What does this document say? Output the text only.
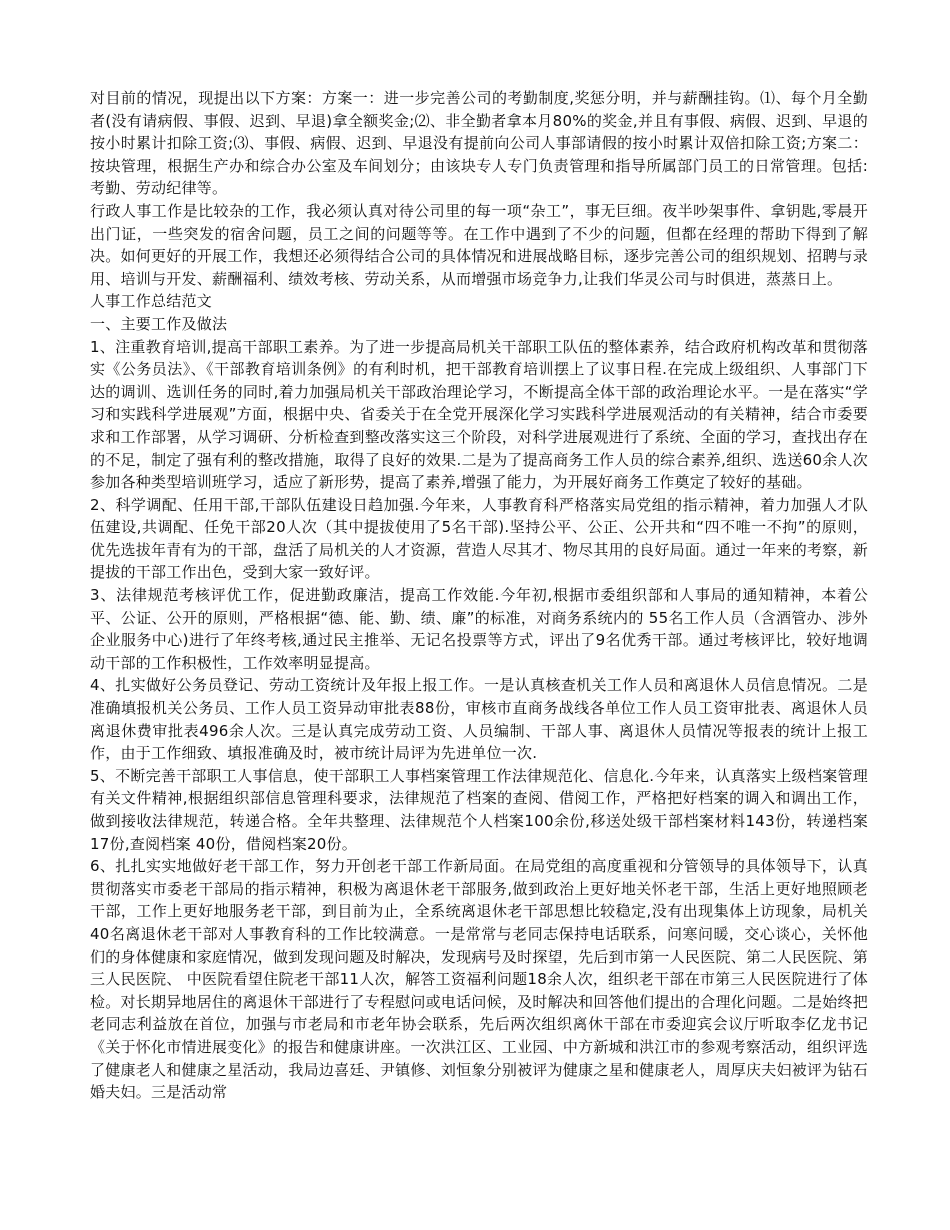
对目前的情况，现提出以下方案：方案一：进一步完善公司的考勤制度,奖惩分明，并与薪酬挂钩。⑴、每个月全勤者(没有请病假、事假、迟到、早退)拿全额奖金;⑵、非全勤者拿本月80%的奖金,并且有事假、病假、迟到、早退的按小时累计扣除工资;⑶、事假、病假、迟到、早退没有提前向公司人事部请假的按小时累计双倍扣除工资;方案二：按块管理，根据生产办和综合办公室及车间划分；由该块专人专门负责管理和指导所属部门员工的日常管理。包括:考勤、劳动纪律等。

行政人事工作是比较杂的工作，我必须认真对待公司里的每一项“杂工”，事无巨细。夜半吵架事件、拿钥匙,零晨开出门证，一些突发的宿舍问题，员工之间的问题等等。在工作中遇到了不少的问题，但都在经理的帮助下得到了解决。如何更好的开展工作，我想还必须得结合公司的具体情况和进展战略目标，逐步完善公司的组织规划、招聘与录用、培训与开发、薪酬福利、绩效考核、劳动关系，从而增强市场竞争力,让我们华灵公司与时俱进，蒸蒸日上。

人事工作总结范文

一、主要工作及做法

1、注重教育培训,提高干部职工素养。为了进一步提高局机关干部职工队伍的整体素养，结合政府机构改革和贯彻落实《公务员法》、《干部教育培训条例》的有利时机，把干部教育培训摆上了议事日程.在完成上级组织、人事部门下达的调训、选训任务的同时,着力加强局机关干部政治理论学习，不断提高全体干部的政治理论水平。一是在落实“学习和实践科学进展观”方面，根据中央、省委关于在全党开展深化学习实践科学进展观活动的有关精神，结合市委要求和工作部署，从学习调研、分析检查到整改落实这三个阶段，对科学进展观进行了系统、全面的学习，查找出存在的不足，制定了强有利的整改措施，取得了良好的效果.二是为了提高商务工作人员的综合素养,组织、选送60余人次参加各种类型培训班学习，适应了新形势，提高了素养,增强了能力，为开展好商务工作奠定了较好的基础。

2、科学调配、任用干部,干部队伍建设日趋加强.今年来，人事教育科严格落实局党组的指示精神，着力加强人才队伍建设,共调配、任免干部20人次（其中提拔使用了5名干部).坚持公平、公正、公开共和“四不唯一不拘”的原则，优先选拔年青有为的干部，盘活了局机关的人才资源，营造人尽其才、物尽其用的良好局面。通过一年来的考察，新提拔的干部工作出色，受到大家一致好评。

3、法律规范考核评优工作，促进勤政廉洁，提高工作效能.今年初,根据市委组织部和人事局的通知精神，本着公平、公证、公开的原则，严格根据“德、能、勤、绩、廉”的标准，对商务系统内的 55名工作人员（含酒管办、涉外企业服务中心)进行了年终考核,通过民主推举、无记名投票等方式，评出了9名优秀干部。通过考核评比，较好地调动干部的工作积极性，工作效率明显提高。

4、扎实做好公务员登记、劳动工资统计及年报上报工作。一是认真核查机关工作人员和离退休人员信息情况。二是准确填报机关公务员、工作人员工资异动审批表88份，审核市直商务战线各单位工作人员工资审批表、离退休人员离退休费审批表496余人次。三是认真完成劳动工资、人员编制、干部人事、离退休人员情况等报表的统计上报工作，由于工作细致、填报准确及时，被市统计局评为先进单位一次.

5、不断完善干部职工人事信息，使干部职工人事档案管理工作法律规范化、信息化.今年来，认真落实上级档案管理有关文件精神,根据组织部信息管理科要求，法律规范了档案的查阅、借阅工作，严格把好档案的调入和调出工作，做到接收法律规范，转递合格。全年共整理、法律规范个人档案100余份,移送处级干部档案材料143份，转递档案17份,查阅档案 40份，借阅档案20份。

6、扎扎实实地做好老干部工作，努力开创老干部工作新局面。在局党组的高度重视和分管领导的具体领导下，认真贯彻落实市委老干部局的指示精神，积极为离退休老干部服务,做到政治上更好地关怀老干部，生活上更好地照顾老干部，工作上更好地服务老干部，到目前为止，全系统离退休老干部思想比较稳定,没有出现集体上访现象，局机关40名离退休老干部对人事教育科的工作比较满意。一是常常与老同志保持电话联系，问寒问暖，交心谈心，关怀他们的身体健康和家庭情况，做到发现问题及时解决，发现病号及时探望，先后到市第一人民医院、第二人民医院、第三人民医院、 中医院看望住院老干部11人次，解答工资福利问题18余人次，组织老干部在市第三人民医院进行了体检。对长期异地居住的离退休干部进行了专程慰问或电话问候，及时解决和回答他们提出的合理化问题。二是始终把老同志利益放在首位，加强与市老局和市老年协会联系，先后两次组织离休干部在市委迎宾会议厅听取李亿龙书记《关于怀化市情进展变化》的报告和健康讲座。一次洪江区、工业园、中方新城和洪江市的参观考察活动，组织评选了健康老人和健康之星活动，我局边喜廷、尹镇修、刘恒象分别被评为健康之星和健康老人，周厚庆夫妇被评为钻石婚夫妇。三是活动常
